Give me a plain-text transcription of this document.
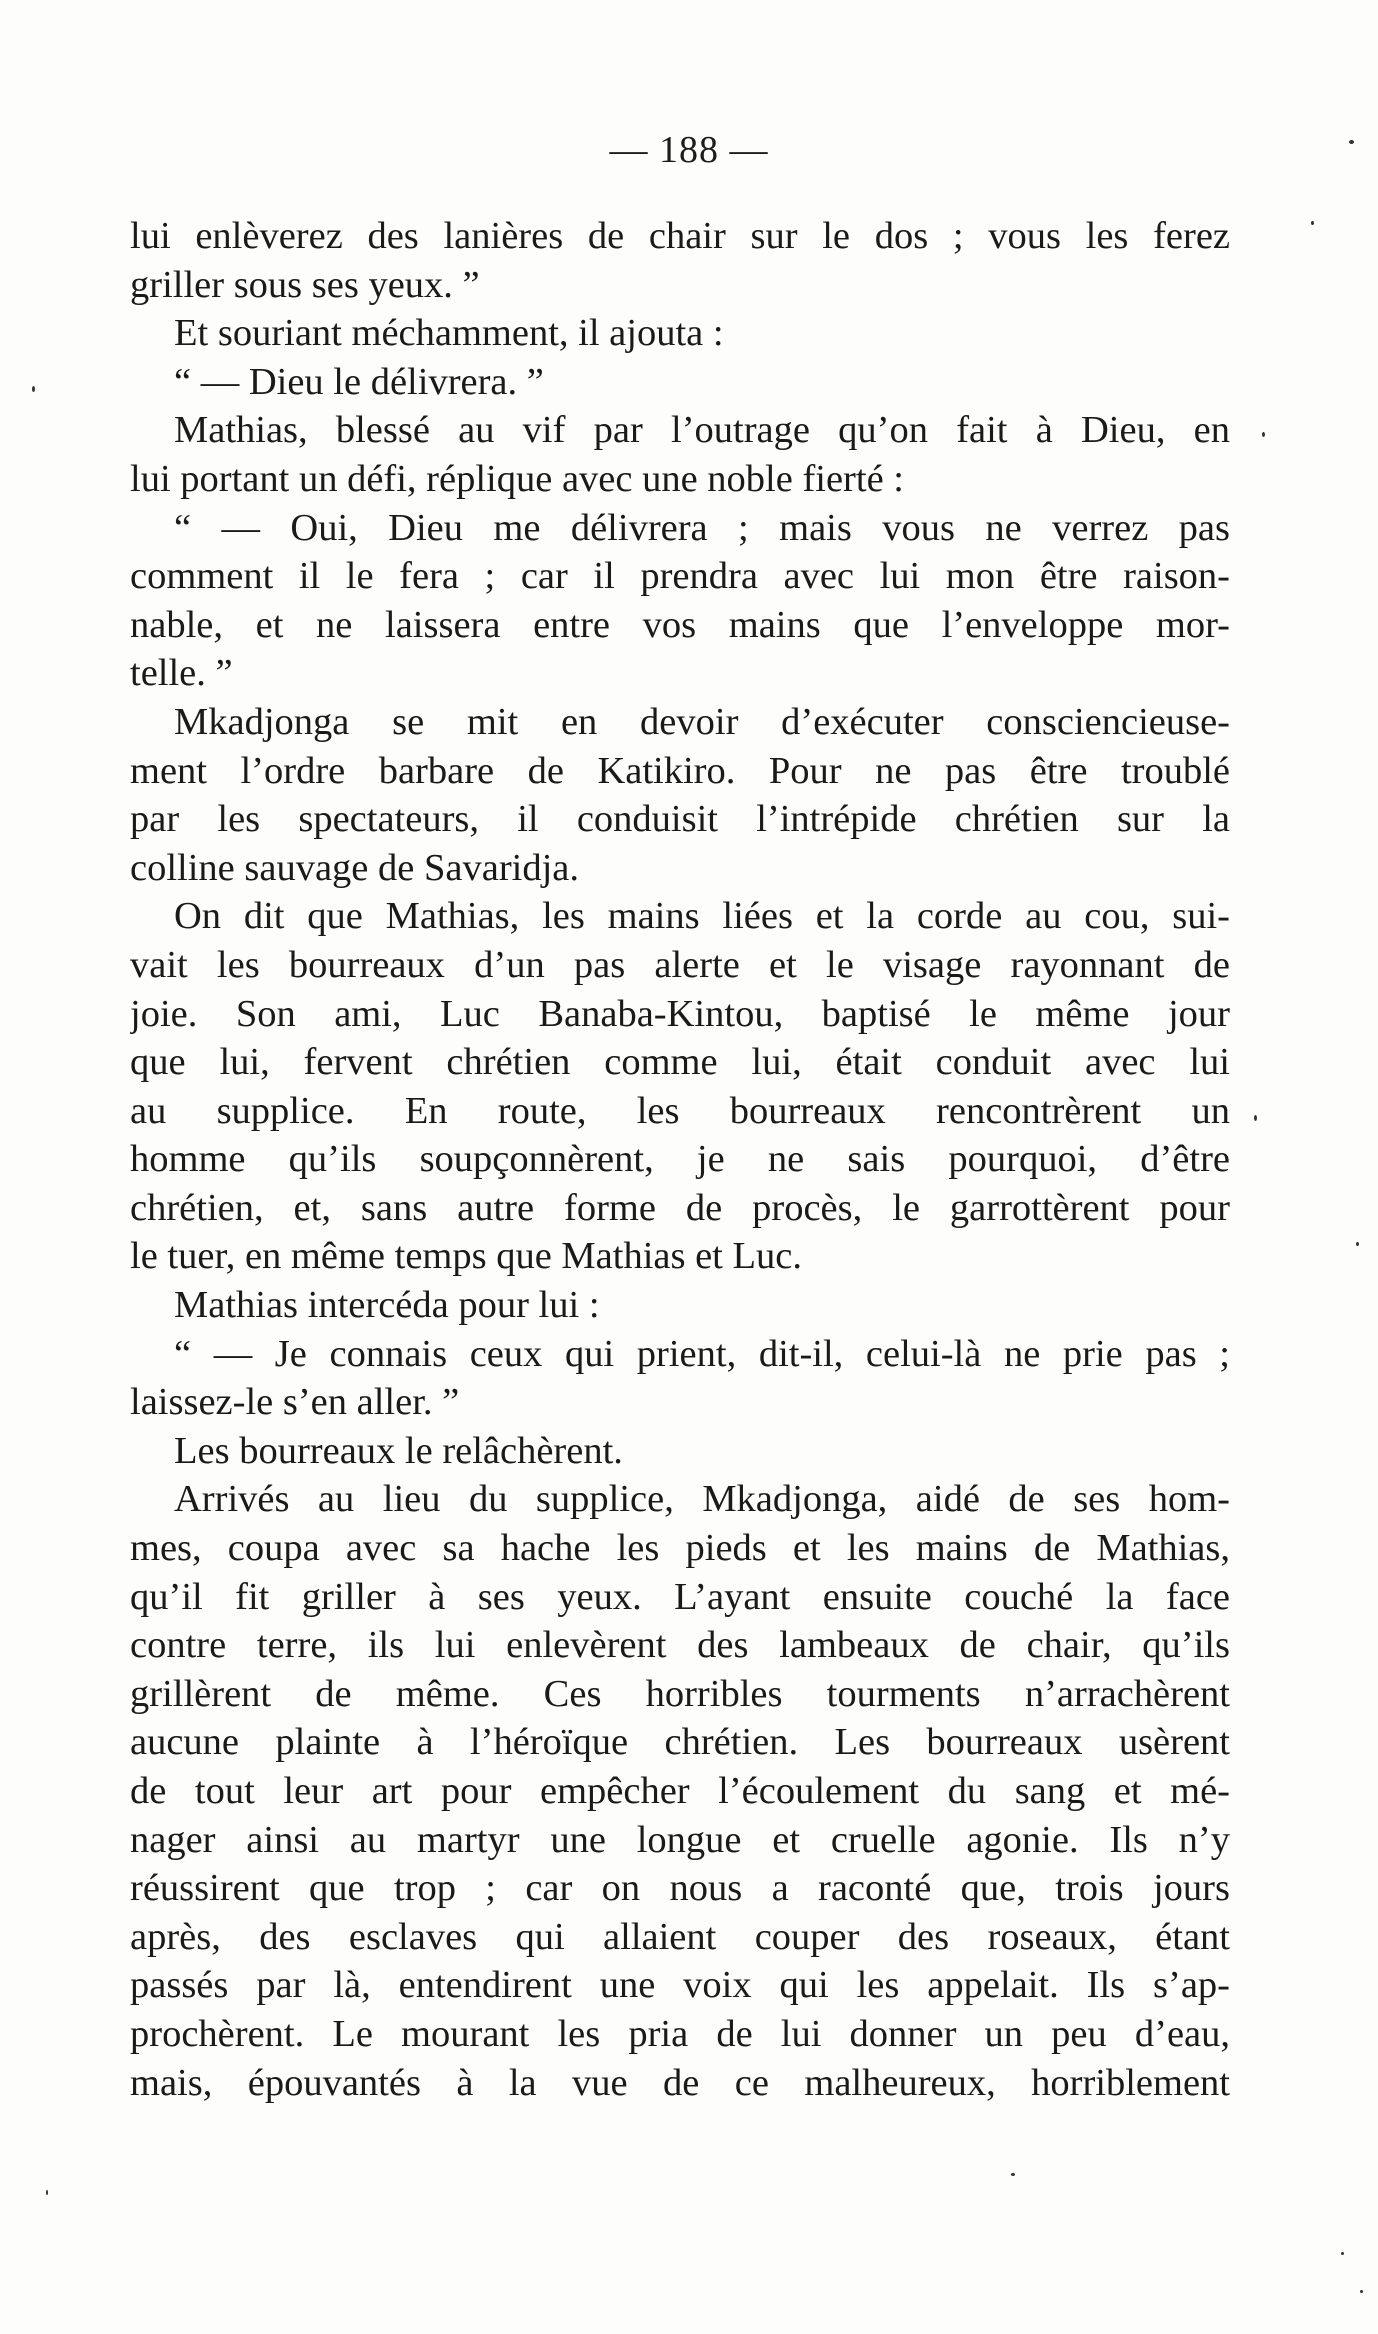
— 188 —
lui enlèverez des lanières de chair sur le dos ; vous les ferez
griller sous ses yeux. ”
Et souriant méchamment, il ajouta :
“ — Dieu le délivrera. ”
Mathias, blessé au vif par l’outrage qu’on fait à Dieu, en
lui portant un défi, réplique avec une noble fierté :
“ — Oui, Dieu me délivrera ; mais vous ne verrez pas
comment il le fera ; car il prendra avec lui mon être raison-
nable, et ne laissera entre vos mains que l’enveloppe mor-
telle. ”
Mkadjonga se mit en devoir d’exécuter consciencieuse-
ment l’ordre barbare de Katikiro. Pour ne pas être troublé
par les spectateurs, il conduisit l’intrépide chrétien sur la
colline sauvage de Savaridja.
On dit que Mathias, les mains liées et la corde au cou, sui-
vait les bourreaux d’un pas alerte et le visage rayonnant de
joie. Son ami, Luc Banaba-Kintou, baptisé le même jour
que lui, fervent chrétien comme lui, était conduit avec lui
au supplice. En route, les bourreaux rencontrèrent un
homme qu’ils soupçonnèrent, je ne sais pourquoi, d’être
chrétien, et, sans autre forme de procès, le garrottèrent pour
le tuer, en même temps que Mathias et Luc.
Mathias intercéda pour lui :
“ — Je connais ceux qui prient, dit-il, celui-là ne prie pas ;
laissez-le s’en aller. ”
Les bourreaux le relâchèrent.
Arrivés au lieu du supplice, Mkadjonga, aidé de ses hom-
mes, coupa avec sa hache les pieds et les mains de Mathias,
qu’il fit griller à ses yeux. L’ayant ensuite couché la face
contre terre, ils lui enlevèrent des lambeaux de chair, qu’ils
grillèrent de même. Ces horribles tourments n’arrachèrent
aucune plainte à l’héroïque chrétien. Les bourreaux usèrent
de tout leur art pour empêcher l’écoulement du sang et mé-
nager ainsi au martyr une longue et cruelle agonie. Ils n’y
réussirent que trop ; car on nous a raconté que, trois jours
après, des esclaves qui allaient couper des roseaux, étant
passés par là, entendirent une voix qui les appelait. Ils s’ap-
prochèrent. Le mourant les pria de lui donner un peu d’eau,
mais, épouvantés à la vue de ce malheureux, horriblement
